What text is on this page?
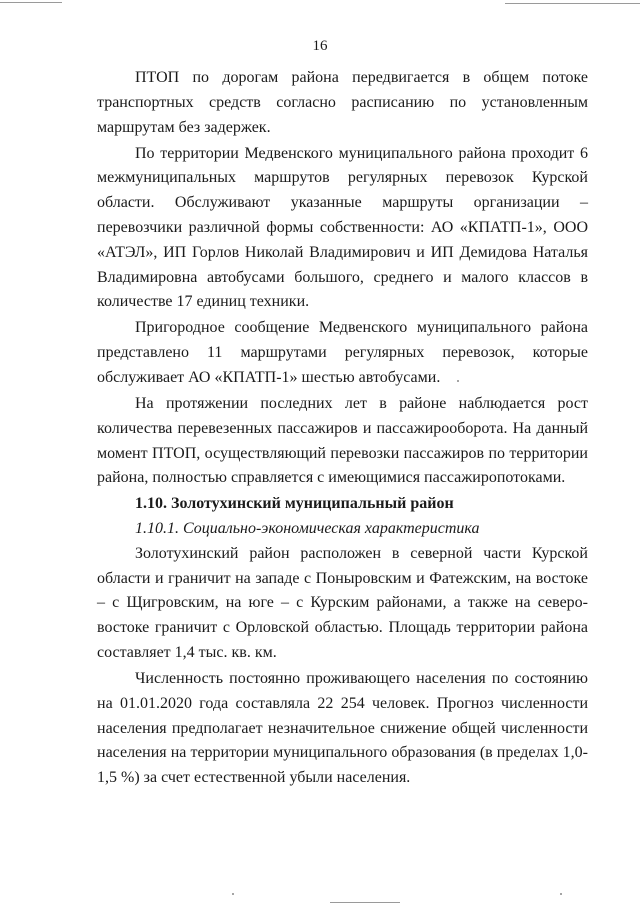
16

ПТОП по дорогам района передвигается в общем потоке транспортных средств согласно расписанию по установленным маршрутам без задержек.

По территории Медвенского муниципального района проходит 6 межмуниципальных маршрутов регулярных перевозок Курской области. Обслуживают указанные маршруты организации – перевозчики различной формы собственности: АО «КПАТП-1», ООО «АТЭЛ», ИП Горлов Николай Владимирович и ИП Демидова Наталья Владимировна автобусами большого, среднего и малого классов в количестве 17 единиц техники.

Пригородное сообщение Медвенского муниципального района представлено 11 маршрутами регулярных перевозок, которые обслуживает АО «КПАТП-1» шестью автобусами.

На протяжении последних лет в районе наблюдается рост количества перевезенных пассажиров и пассажирооборота. На данный момент ПТОП, осуществляющий перевозки пассажиров по территории района, полностью справляется с имеющимися пассажиропотоками.

1.10. Золотухинский муниципальный район
1.10.1. Социально-экономическая характеристика

Золотухинский район расположен в северной части Курской области и граничит на западе с Поныровским и Фатежским, на востоке – с Щигровским, на юге – с Курским районами, а также на северо-востоке граничит с Орловской областью. Площадь территории района составляет 1,4 тыс. кв. км.

Численность постоянно проживающего населения по состоянию на 01.01.2020 года составляла 22 254 человек. Прогноз численности населения предполагает незначительное снижение общей численности населения на территории муниципального образования (в пределах 1,0-1,5 %) за счет естественной убыли населения.
